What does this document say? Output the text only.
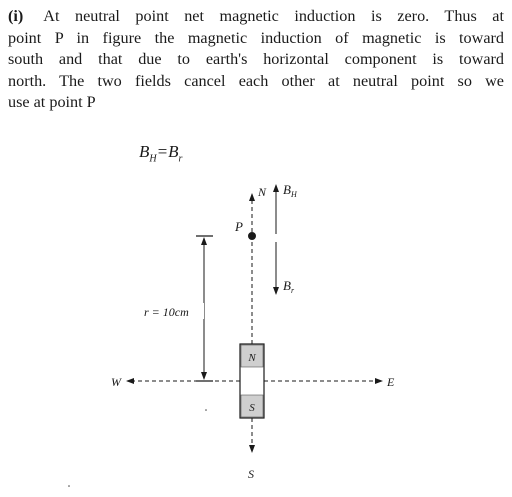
(i) At neutral point net magnetic induction is zero. Thus at
point P in figure the magnetic induction of magnetic is toward
south and that due to earth's horizontal component is toward
north. The two fields cancel each other at neutral point so we
use at point P
$B_H=B_r$
N
S
P
$B_H$
$B_r$
r = 10cm
N
S
E
W
